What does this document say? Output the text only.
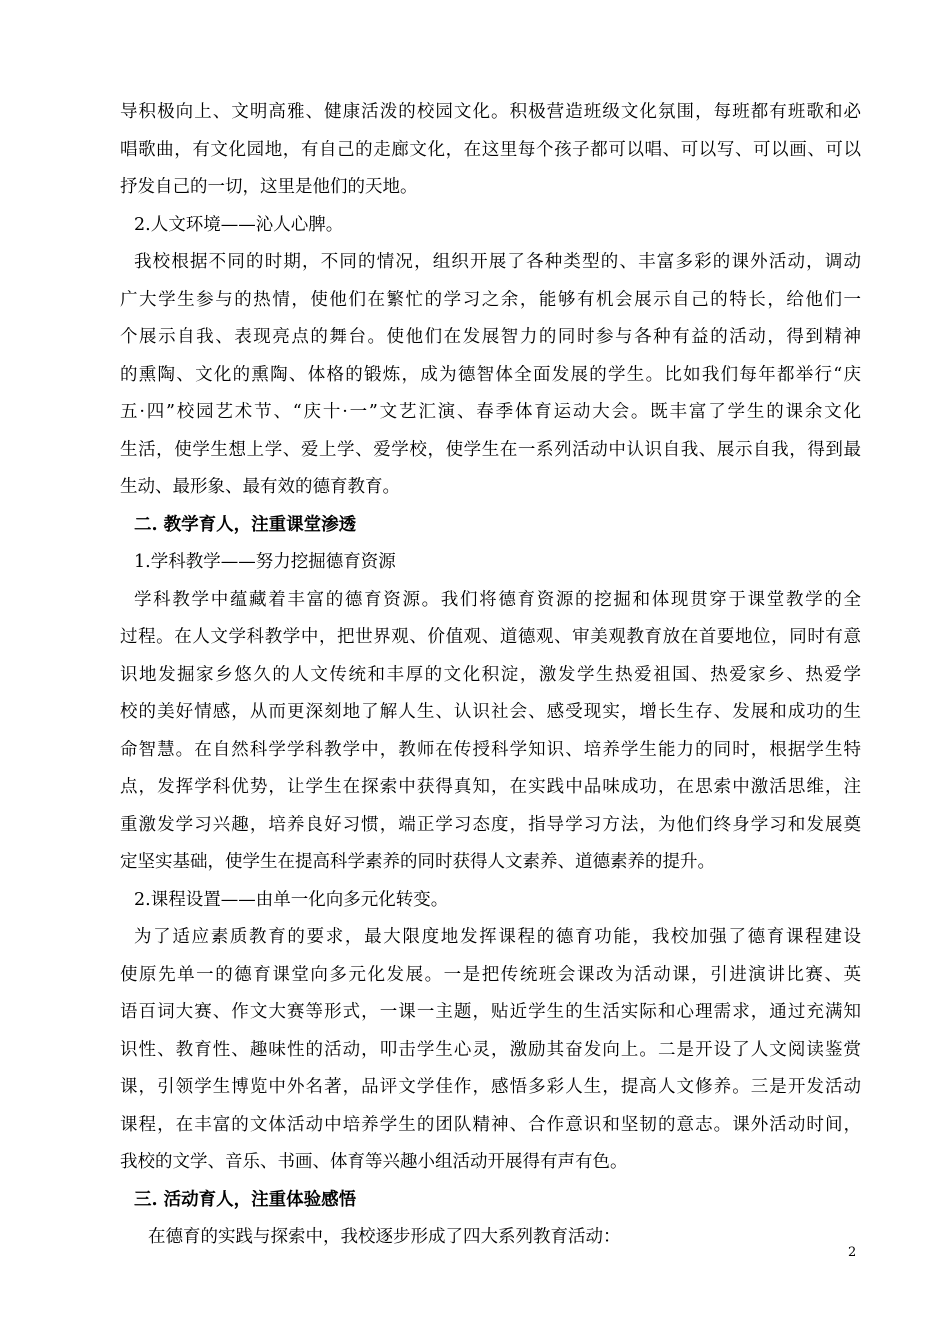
导积极向上、文明高雅、健康活泼的校园文化。积极营造班级文化氛围，每班都有班歌和必
唱歌曲，有文化园地，有自己的走廊文化，在这里每个孩子都可以唱、可以写、可以画、可以
抒发自己的一切，这里是他们的天地。
2.人文环境——沁人心脾。
我校根据不同的时期，不同的情况，组织开展了各种类型的、丰富多彩的课外活动，调动
广大学生参与的热情，使他们在繁忙的学习之余，能够有机会展示自己的特长，给他们一
个展示自我、表现亮点的舞台。使他们在发展智力的同时参与各种有益的活动，得到精神
的熏陶、文化的熏陶、体格的锻炼，成为德智体全面发展的学生。比如我们每年都举行“庆
五·四”校园艺术节、“庆十·一”文艺汇演、春季体育运动大会。既丰富了学生的课余文化
生活，使学生想上学、爱上学、爱学校，使学生在一系列活动中认识自我、展示自我，得到最
生动、最形象、最有效的德育教育。
二. 教学育人，注重课堂渗透
1.学科教学——努力挖掘德育资源
学科教学中蕴藏着丰富的德育资源。我们将德育资源的挖掘和体现贯穿于课堂教学的全
过程。在人文学科教学中，把世界观、价值观、道德观、审美观教育放在首要地位，同时有意
识地发掘家乡悠久的人文传统和丰厚的文化积淀，激发学生热爱祖国、热爱家乡、热爱学
校的美好情感，从而更深刻地了解人生、认识社会、感受现实，增长生存、发展和成功的生
命智慧。在自然科学学科教学中，教师在传授科学知识、培养学生能力的同时，根据学生特
点，发挥学科优势，让学生在探索中获得真知，在实践中品味成功，在思索中激活思维，注
重激发学习兴趣，培养良好习惯，端正学习态度，指导学习方法，为他们终身学习和发展奠
定坚实基础，使学生在提高科学素养的同时获得人文素养、道德素养的提升。
2.课程设置——由单一化向多元化转变。
为了适应素质教育的要求，最大限度地发挥课程的德育功能，我校加强了德育课程建设
使原先单一的德育课堂向多元化发展。一是把传统班会课改为活动课，引进演讲比赛、英
语百词大赛、作文大赛等形式，一课一主题，贴近学生的生活实际和心理需求，通过充满知
识性、教育性、趣味性的活动，叩击学生心灵，激励其奋发向上。二是开设了人文阅读鉴赏
课，引领学生博览中外名著，品评文学佳作，感悟多彩人生，提高人文修养。三是开发活动
课程，在丰富的文体活动中培养学生的团队精神、合作意识和坚韧的意志。课外活动时间，
我校的文学、音乐、书画、体育等兴趣小组活动开展得有声有色。
三. 活动育人，注重体验感悟
在德育的实践与探索中，我校逐步形成了四大系列教育活动：
2
